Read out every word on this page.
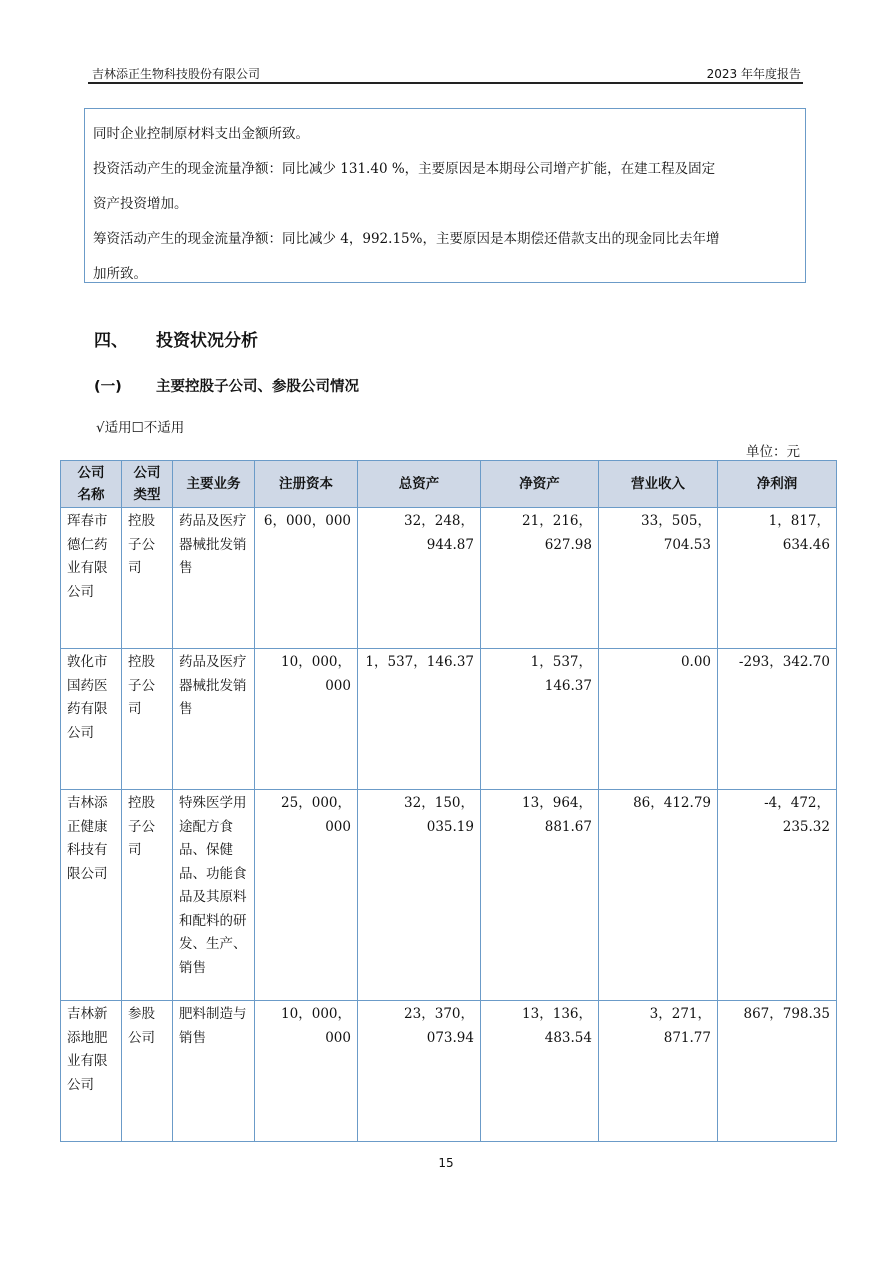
吉林添正生物科技股份有限公司	2023 年年度报告

同时企业控制原材料支出金额所致。

投资活动产生的现金流量净额：同比减少 131.40 %，主要原因是本期母公司增产扩能，在建工程及固定

资产投资增加。

筹资活动产生的现金流量净额：同比减少 4，992.15%，主要原因是本期偿还借款支出的现金同比去年增

加所致。

四、 投资状况分析
(一) 主要控股子公司、参股公司情况
√适用☐不适用
单位：元
公司名称	公司类型	主要业务	注册资本	总资产	净资产	营业收入	净利润
珲春市德仁药业有限公司	控股子公司	药品及医疗器械批发销售	6，000，000	32，248，944.87	21，216，627.98	33，505，704.53	1，817，634.46
敦化市国药医药有限公司	控股子公司	药品及医疗器械批发销售	10，000，000	1，537，146.37	1，537，146.37	0.00	-293，342.70
吉林添正健康科技有限公司	控股子公司	特殊医学用途配方食品、保健品、功能食品及其原料和配料的研发、生产、销售	25，000，000	32，150，035.19	13，964，881.67	86，412.79	-4，472，235.32
吉林新添地肥业有限公司	参股公司	肥料制造与销售	10，000，000	23，370，073.94	13，136，483.54	3，271，871.77	867，798.35
15
